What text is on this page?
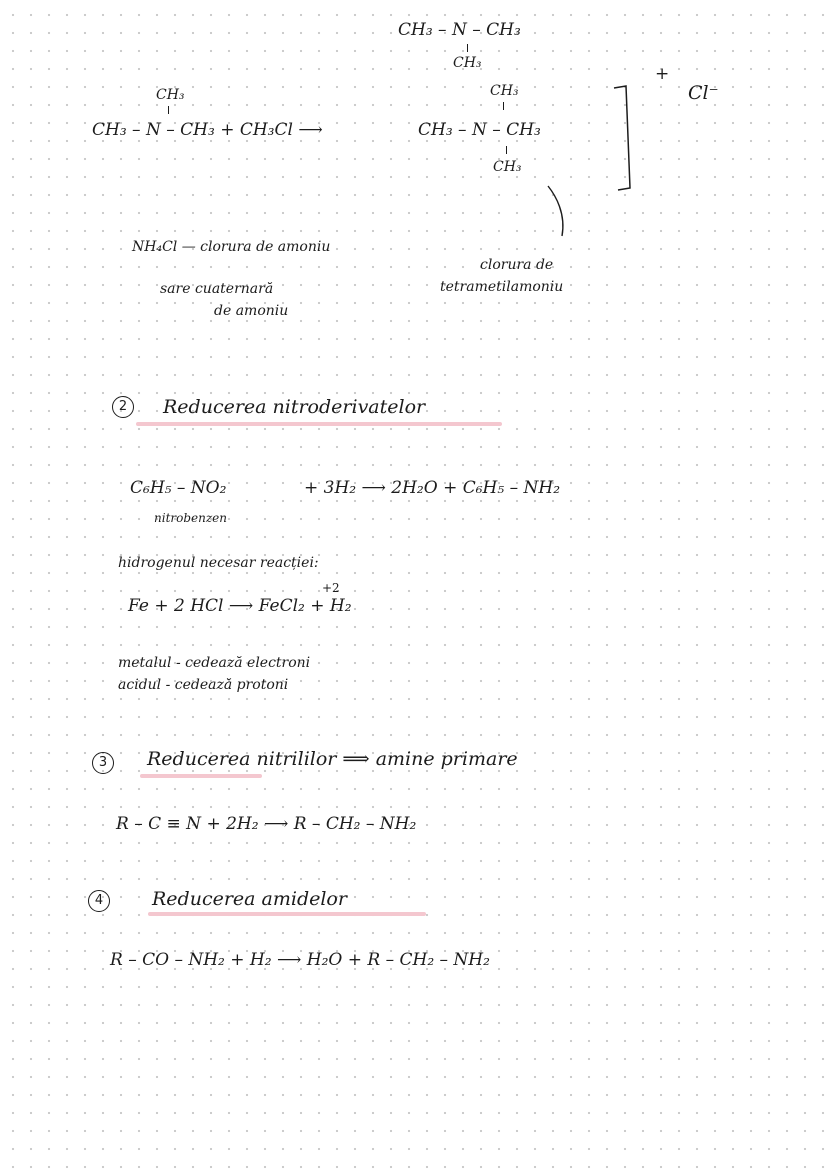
CH₃ – N – CH₃
CH₃
CH₃
CH₃ – N – CH₃ + CH₃Cl ⟶
CH₃
CH₃ – N – CH₃
CH₃
+
Cl⁻
NH₄Cl — clorura de amoniu
sare cuaternară
de amoniu
clorura de
tetrametilamoniu
2	Reducerea nitroderivatelor
C₆H₅ – NO₂
nitrobenzen
+ 3H₂ ⟶ 2H₂O + C₆H₅ – NH₂
hidrogenul necesar reacției:
+2
Fe + 2 HCl ⟶ FeCl₂ + H₂
metalul - cedează electroni
acidul - cedează protoni
3	Reducerea nitrililor ⟹ amine primare
R – C ≡ N + 2H₂ ⟶ R – CH₂ – NH₂
4	Reducerea amidelor
R – CO – NH₂ + H₂ ⟶ H₂O + R – CH₂ – NH₂
